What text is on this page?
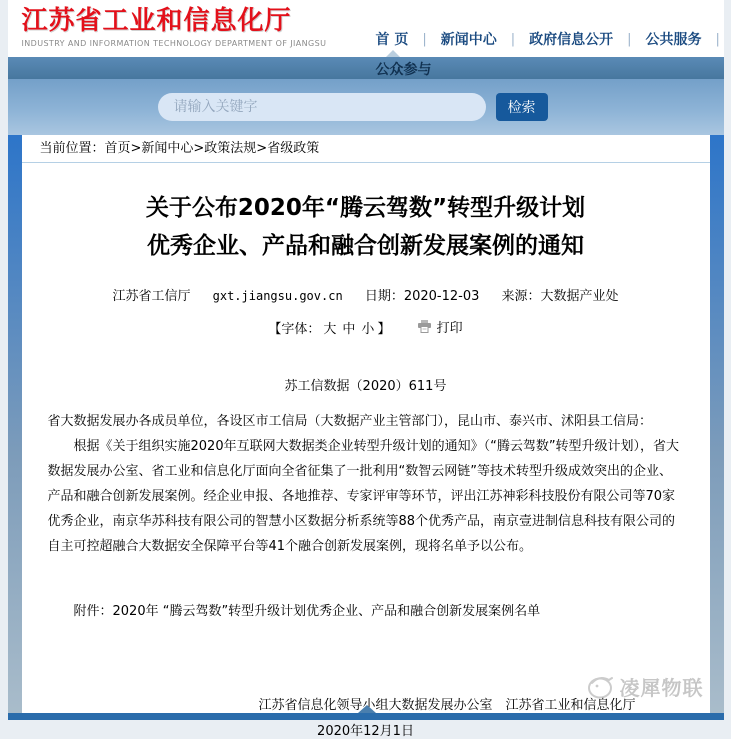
江苏省工业和信息化厅
INDUSTRY AND INFORMATION TECHNOLOGY DEPARTMENT OF JIANGSU	首 页 | 新闻中心 | 政府信息公开 | 公共服务 |
公众参与
请输入关键字
检索
当前位置：首页>新闻中心>政策法规>省级政策
关于公布2020年“腾云驾数”转型升级计划
优秀企业、产品和融合创新发展案例的通知
江苏省工信厅 gxt.jiangsu.gov.cn 日期：2020-12-03 来源：大数据产业处
【字体： 大 中 小 】	打印
苏工信数据（2020）611号

省大数据发展办各成员单位，各设区市工信局（大数据产业主管部门），昆山市、泰兴市、沭阳县工信局：

根据《关于组织实施2020年互联网大数据类企业转型升级计划的通知》（“腾云驾数”转型升级计划），省大数据发展办公室、省工业和信息化厅面向全省征集了一批利用“数智云网链”等技术转型升级成效突出的企业、产品和融合创新发展案例。经企业申报、各地推荐、专家评审等环节，评出江苏神彩科技股份有限公司等70家优秀企业，南京华苏科技有限公司的智慧小区数据分析系统等88个优秀产品，南京壹进制信息科技有限公司的自主可控超融合大数据安全保障平台等41个融合创新发展案例，现将名单予以公布。

附件：2020年 “腾云驾数”转型升级计划优秀企业、产品和融合创新发展案例名单
江苏省信息化领导小组大数据发展办公室　江苏省工业和信息化厅
2020年12月1日
凌犀物联
